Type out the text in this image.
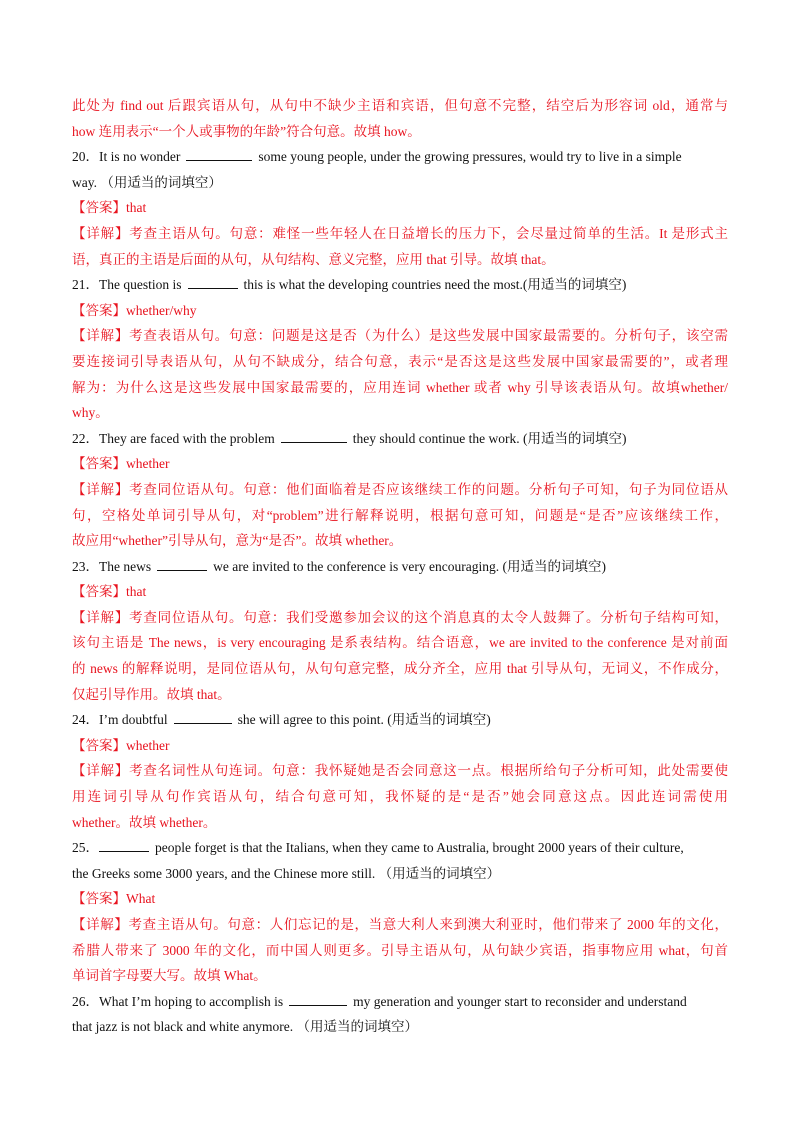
此处为 find out 后跟宾语从句，从句中不缺少主语和宾语，但句意不完整，结空后为形容词 old，通常与
how 连用表示“一个人或事物的年龄”符合句意。故填 how。
20．It is no wonder	some young people, under the growing pressures, would try to live in a simple
way. （用适当的词填空）
【答案】that
【详解】考查主语从句。句意：难怪一些年轻人在日益增长的压力下，会尽量过简单的生活。It 是形式主
语，真正的主语是后面的从句，从句结构、意义完整，应用 that 引导。故填 that。
21．The question is	this is what the developing countries need the most.(用适当的词填空)
【答案】whether/why
【详解】考查表语从句。句意：问题是这是否（为什么）是这些发展中国家最需要的。分析句子，该空需
要连接词引导表语从句，从句不缺成分，结合句意，表示“是否这是这些发展中国家最需要的”，或者理
解为：为什么这是这些发展中国家最需要的，应用连词 whether 或者 why 引导该表语从句。故填whether/
why。
22．They are faced with the problem	they should continue the work. (用适当的词填空)
【答案】whether
【详解】考查同位语从句。句意：他们面临着是否应该继续工作的问题。分析句子可知，句子为同位语从
句，空格处单词引导从句，对“problem”进行解释说明，根据句意可知，问题是“是否”应该继续工作，
故应用“whether”引导从句，意为“是否”。故填 whether。
23．The news	we are invited to the conference is very encouraging. (用适当的词填空)
【答案】that
【详解】考查同位语从句。句意：我们受邀参加会议的这个消息真的太令人鼓舞了。分析句子结构可知，
该句主语是 The news，is very encouraging 是系表结构。结合语意，we are invited to the conference 是对前面
的 news 的解释说明，是同位语从句，从句句意完整，成分齐全，应用 that 引导从句，无词义，不作成分，
仅起引导作用。故填 that。
24．I’m doubtful	she will agree to this point. (用适当的词填空)
【答案】whether
【详解】考查名词性从句连词。句意：我怀疑她是否会同意这一点。根据所给句子分析可知，此处需要使
用连词引导从句作宾语从句，结合句意可知，我怀疑的是“是否”她会同意这点。因此连词需使用
whether。故填 whether。
25．	people forget is that the Italians, when they came to Australia, brought 2000 years of their culture,
the Greeks some 3000 years, and the Chinese more still. （用适当的词填空）
【答案】What
【详解】考查主语从句。句意：人们忘记的是，当意大利人来到澳大利亚时，他们带来了 2000 年的文化，
希腊人带来了 3000 年的文化，而中国人则更多。引导主语从句，从句缺少宾语，指事物应用 what，句首
单词首字母要大写。故填 What。
26．What I’m hoping to accomplish is	my generation and younger start to reconsider and understand
that jazz is not black and white anymore. （用适当的词填空）
